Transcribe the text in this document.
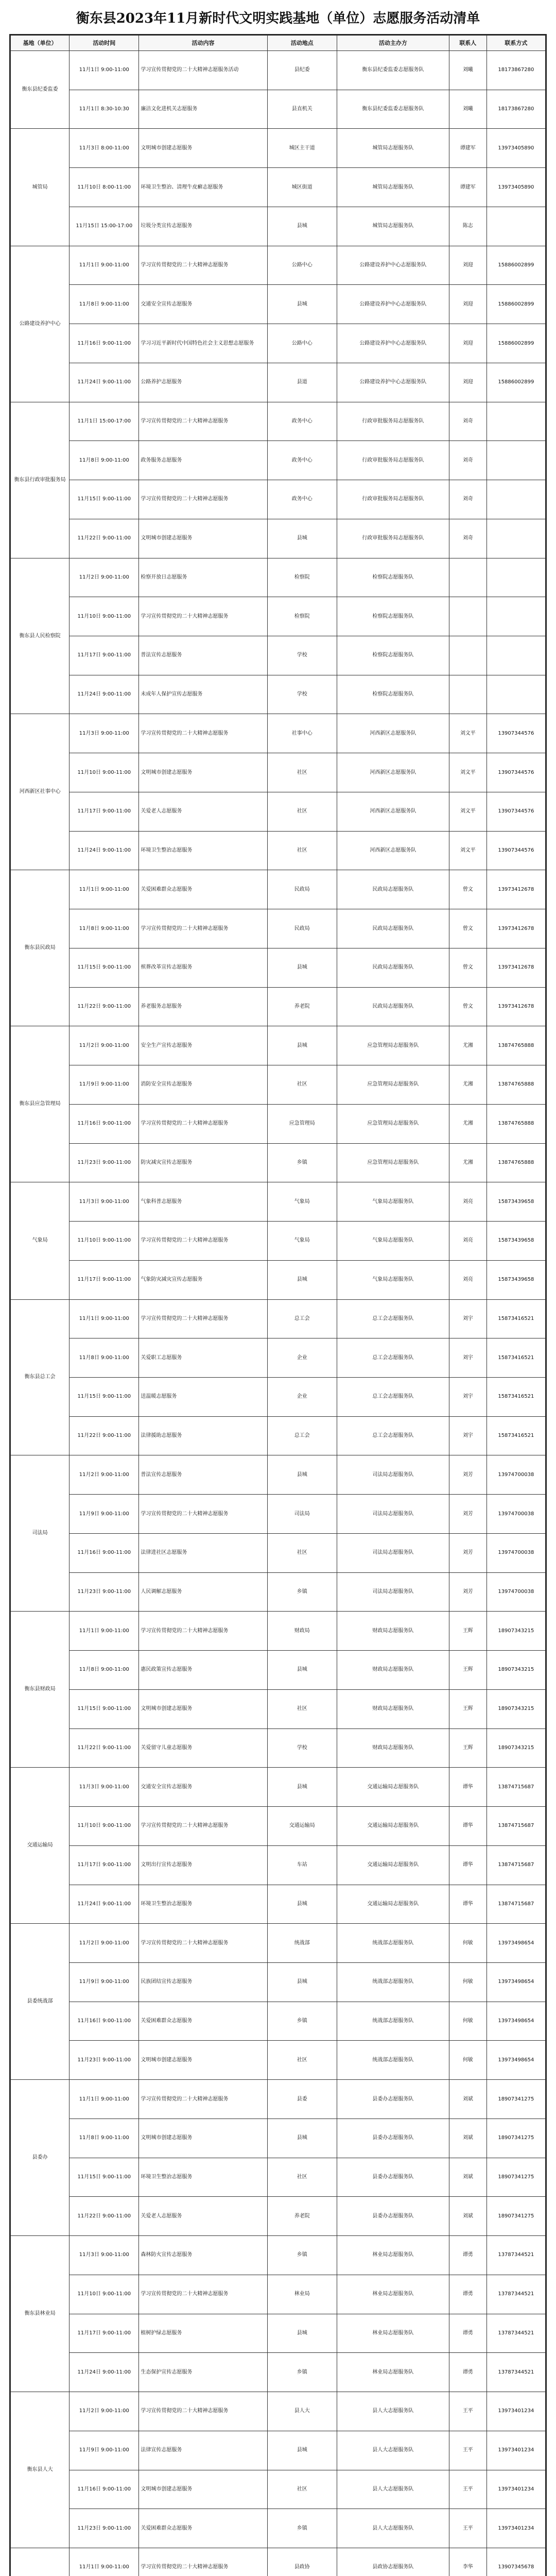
衡东县2023年11月新时代文明实践基地（单位）志愿服务活动清单
基地（单位）	活动时间	活动内容	活动地点	活动主办方	联系人	联系方式
衡东县纪委监委	11月1日 9:00-11:00	学习宣传贯彻党的二十大精神志愿服务活动	县纪委	衡东县纪委监委志愿服务队	刘曦	18173867280
	11月1日 8:30-10:30	廉洁文化进机关志愿服务	县直机关	衡东县纪委监委志愿服务队	刘曦	18173867280
城管局	11月3日 8:00-11:00	文明城市创建志愿服务	城区主干道	城管局志愿服务队	谭建军	13973405890
	11月10日 8:00-11:00	环境卫生整治、清理牛皮癣志愿服务	城区街道	城管局志愿服务队	谭建军	13973405890
	11月15日 15:00-17:00	垃圾分类宣传志愿服务	县城	城管局志愿服务队	陈志	
公路建设养护中心	11月1日 9:00-11:00	学习宣传贯彻党的二十大精神志愿服务	公路中心	公路建设养护中心志愿服务队	刘迎	15886002899
	11月8日 9:00-11:00	交通安全宣传志愿服务	县城	公路建设养护中心志愿服务队	刘迎	15886002899
	11月16日 9:00-11:00	学习习近平新时代中国特色社会主义思想志愿服务	公路中心	公路建设养护中心志愿服务队	刘迎	15886002899
	11月24日 9:00-11:00	公路养护志愿服务	县道	公路建设养护中心志愿服务队	刘迎	15886002899
衡东县行政审批服务局	11月1日 15:00-17:00	学习宣传贯彻党的二十大精神志愿服务	政务中心	行政审批服务局志愿服务队	刘奇	
	11月8日 9:00-11:00	政务服务志愿服务	政务中心	行政审批服务局志愿服务队	刘奇	
	11月15日 9:00-11:00	学习宣传贯彻党的二十大精神志愿服务	政务中心	行政审批服务局志愿服务队	刘奇	
	11月22日 9:00-11:00	文明城市创建志愿服务	县城	行政审批服务局志愿服务队	刘奇	
衡东县人民检察院	11月2日 9:00-11:00	检察开放日志愿服务	检察院	检察院志愿服务队		
	11月10日 9:00-11:00	学习宣传贯彻党的二十大精神志愿服务	检察院	检察院志愿服务队		
	11月17日 9:00-11:00	普法宣传志愿服务	学校	检察院志愿服务队		
	11月24日 9:00-11:00	未成年人保护宣传志愿服务	学校	检察院志愿服务队		
河西新区社事中心	11月3日 9:00-11:00	学习宣传贯彻党的二十大精神志愿服务	社事中心	河西新区志愿服务队	刘文平	13907344576
	11月10日 9:00-11:00	文明城市创建志愿服务	社区	河西新区志愿服务队	刘文平	13907344576
	11月17日 9:00-11:00	关爱老人志愿服务	社区	河西新区志愿服务队	刘文平	13907344576
	11月24日 9:00-11:00	环境卫生整治志愿服务	社区	河西新区志愿服务队	刘文平	13907344576
衡东县民政局	11月1日 9:00-11:00	关爱困难群众志愿服务	民政局	民政局志愿服务队	曾文	13973412678
	11月8日 9:00-11:00	学习宣传贯彻党的二十大精神志愿服务	民政局	民政局志愿服务队	曾文	13973412678
	11月15日 9:00-11:00	殡葬改革宣传志愿服务	县城	民政局志愿服务队	曾文	13973412678
	11月22日 9:00-11:00	养老服务志愿服务	养老院	民政局志愿服务队	曾文	13973412678
衡东县应急管理局	11月2日 9:00-11:00	安全生产宣传志愿服务	县城	应急管理局志愿服务队	尤湘	13874765888
	11月9日 9:00-11:00	消防安全宣传志愿服务	社区	应急管理局志愿服务队	尤湘	13874765888
	11月16日 9:00-11:00	学习宣传贯彻党的二十大精神志愿服务	应急管理局	应急管理局志愿服务队	尤湘	13874765888
	11月23日 9:00-11:00	防灾减灾宣传志愿服务	乡镇	应急管理局志愿服务队	尤湘	13874765888
气象局	11月3日 9:00-11:00	气象科普志愿服务	气象局	气象局志愿服务队	刘亮	15873439658
	11月10日 9:00-11:00	学习宣传贯彻党的二十大精神志愿服务	气象局	气象局志愿服务队	刘亮	15873439658
	11月17日 9:00-11:00	气象防灾减灾宣传志愿服务	县城	气象局志愿服务队	刘亮	15873439658
衡东县总工会	11月1日 9:00-11:00	学习宣传贯彻党的二十大精神志愿服务	总工会	总工会志愿服务队	刘宇	15873416521
	11月8日 9:00-11:00	关爱职工志愿服务	企业	总工会志愿服务队	刘宇	15873416521
	11月15日 9:00-11:00	送温暖志愿服务	企业	总工会志愿服务队	刘宇	15873416521
	11月22日 9:00-11:00	法律援助志愿服务	总工会	总工会志愿服务队	刘宇	15873416521
司法局	11月2日 9:00-11:00	普法宣传志愿服务	县城	司法局志愿服务队	刘芳	13974700038
	11月9日 9:00-11:00	学习宣传贯彻党的二十大精神志愿服务	司法局	司法局志愿服务队	刘芳	13974700038
	11月16日 9:00-11:00	法律进社区志愿服务	社区	司法局志愿服务队	刘芳	13974700038
	11月23日 9:00-11:00	人民调解志愿服务	乡镇	司法局志愿服务队	刘芳	13974700038
衡东县财政局	11月1日 9:00-11:00	学习宣传贯彻党的二十大精神志愿服务	财政局	财政局志愿服务队	王辉	18907343215
	11月8日 9:00-11:00	惠民政策宣传志愿服务	县城	财政局志愿服务队	王辉	18907343215
	11月15日 9:00-11:00	文明城市创建志愿服务	社区	财政局志愿服务队	王辉	18907343215
	11月22日 9:00-11:00	关爱留守儿童志愿服务	学校	财政局志愿服务队	王辉	18907343215
交通运输局	11月3日 9:00-11:00	交通安全宣传志愿服务	县城	交通运输局志愿服务队	谭华	13874715687
	11月10日 9:00-11:00	学习宣传贯彻党的二十大精神志愿服务	交通运输局	交通运输局志愿服务队	谭华	13874715687
	11月17日 9:00-11:00	文明出行宣传志愿服务	车站	交通运输局志愿服务队	谭华	13874715687
	11月24日 9:00-11:00	环境卫生整治志愿服务	县城	交通运输局志愿服务队	谭华	13874715687
县委统战部	11月2日 9:00-11:00	学习宣传贯彻党的二十大精神志愿服务	统战部	统战部志愿服务队	何敏	13973498654
	11月9日 9:00-11:00	民族团结宣传志愿服务	县城	统战部志愿服务队	何敏	13973498654
	11月16日 9:00-11:00	关爱困难群众志愿服务	乡镇	统战部志愿服务队	何敏	13973498654
	11月23日 9:00-11:00	文明城市创建志愿服务	社区	统战部志愿服务队	何敏	13973498654
县委办	11月1日 9:00-11:00	学习宣传贯彻党的二十大精神志愿服务	县委	县委办志愿服务队	刘斌	18907341275
	11月8日 9:00-11:00	文明城市创建志愿服务	县城	县委办志愿服务队	刘斌	18907341275
	11月15日 9:00-11:00	环境卫生整治志愿服务	社区	县委办志愿服务队	刘斌	18907341275
	11月22日 9:00-11:00	关爱老人志愿服务	养老院	县委办志愿服务队	刘斌	18907341275
衡东县林业局	11月3日 9:00-11:00	森林防火宣传志愿服务	乡镇	林业局志愿服务队	谭勇	13787344521
	11月10日 9:00-11:00	学习宣传贯彻党的二十大精神志愿服务	林业局	林业局志愿服务队	谭勇	13787344521
	11月17日 9:00-11:00	植树护绿志愿服务	县城	林业局志愿服务队	谭勇	13787344521
	11月24日 9:00-11:00	生态保护宣传志愿服务	乡镇	林业局志愿服务队	谭勇	13787344521
衡东县人大	11月2日 9:00-11:00	学习宣传贯彻党的二十大精神志愿服务	县人大	县人大志愿服务队	王平	13973401234
	11月9日 9:00-11:00	法律宣传志愿服务	县城	县人大志愿服务队	王平	13973401234
	11月16日 9:00-11:00	文明城市创建志愿服务	社区	县人大志愿服务队	王平	13973401234
	11月23日 9:00-11:00	关爱困难群众志愿服务	乡镇	县人大志愿服务队	王平	13973401234
	11月1日 9:00-11:00	学习宣传贯彻党的二十大精神志愿服务	县政协	县政协志愿服务队	李华	13907345678
